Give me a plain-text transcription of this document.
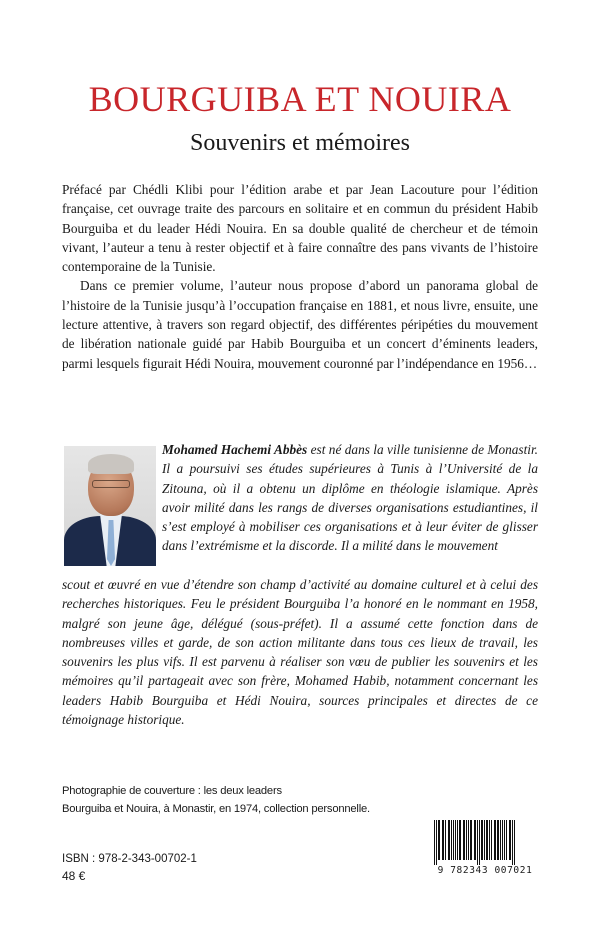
BOURGUIBA ET NOUIRA
Souvenirs et mémoires

Préfacé par Chédli Klibi pour l’édition arabe et par Jean Lacouture pour l’édition française, cet ouvrage traite des parcours en solitaire et en commun du président Habib Bourguiba et du leader Hédi Nouira. En sa double qualité de chercheur et de témoin vivant, l’auteur a tenu à rester objectif et à faire connaître des pans vivants de l’histoire contemporaine de la Tunisie.

Dans ce premier volume, l’auteur nous propose d’abord un panorama global de l’histoire de la Tunisie jusqu’à l’occupation française en 1881, et nous livre, ensuite, une lecture attentive, à travers son regard objectif, des différentes péripéties du mouvement de libération nationale guidé par Habib Bourguiba et un concert d’éminents leaders, parmi lesquels figurait Hédi Nouira, mouvement couronné par l’indépendance en 1956…

Mohamed Hachemi Abbès est né dans la ville tunisienne de Monastir. Il a poursuivi ses études supérieures à Tunis à l’Université de la Zitouna, où il a obtenu un diplôme en théologie islamique. Après avoir milité dans les rangs de diverses organisations estudiantines, il s’est employé à mobiliser ces organisations et à leur éviter de glisser dans l’extrémisme et la discorde. Il a milité dans le mouvement

scout et œuvré en vue d’étendre son champ d’activité au domaine culturel et à celui des recherches historiques. Feu le président Bourguiba l’a honoré en le nommant en 1958, malgré son jeune âge, délégué (sous-préfet). Il a assumé cette fonction dans de nombreuses villes et garde, de son action militante dans tous ces lieux de travail, les souvenirs les plus vifs. Il est parvenu à réaliser son vœu de publier les souvenirs et les mémoires qu’il partageait avec son frère, Mohamed Habib, notamment concernant les leaders Habib Bourguiba et Hédi Nouira, sources principales et directes de ce témoignage historique.

Photographie de couverture : les deux leaders
Bourguiba et Nouira, à Monastir, en 1974, collection personnelle.

ISBN : 978-2-343-00702-1
48 €	9 782343 007021
